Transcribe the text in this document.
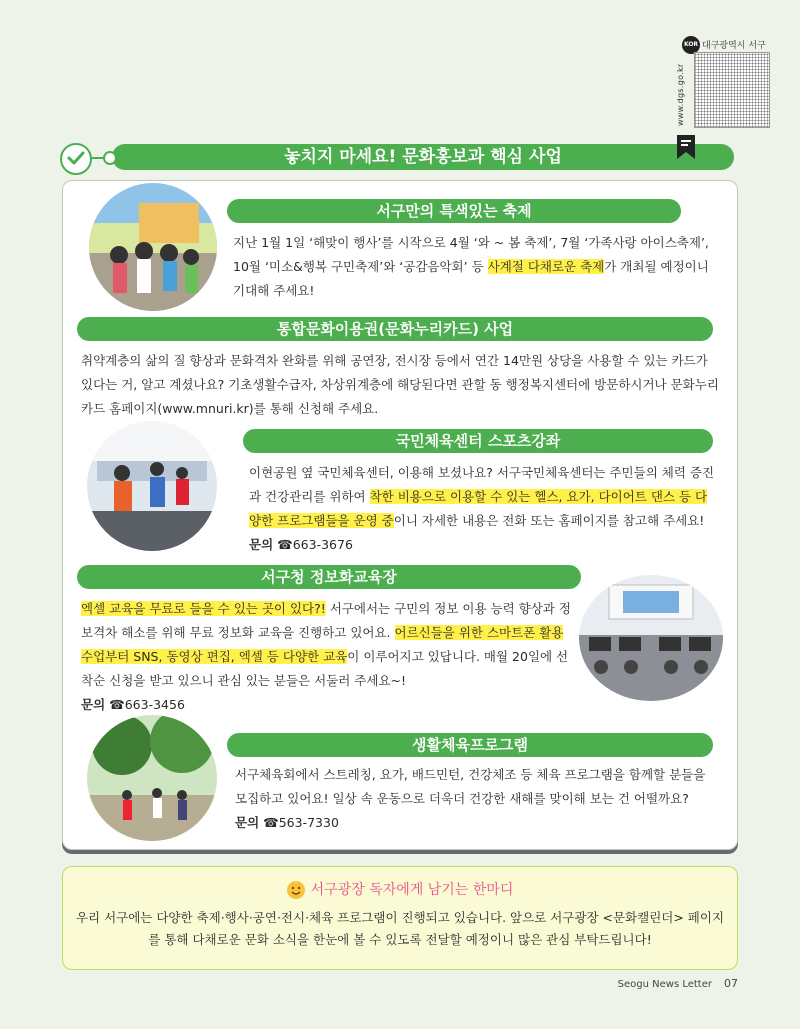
www.dgs.go.kr
KOR 대구광역시 서구
놓치지 마세요! 문화홍보과 핵심 사업
서구만의 특색있는 축제
지난 1월 1일 ‘해맞이 행사’를 시작으로 4월 ‘와 ~ 봄 축제’, 7월 ‘가족사랑 아이스축제’, 10월 ‘미소&행복 구민축제’와 ‘공감음악회’ 등 사계절 다채로운 축제가 개최될 예정이니 기대해 주세요!
통합문화이용권(문화누리카드) 사업
취약계층의 삶의 질 향상과 문화격차 완화를 위해 공연장, 전시장 등에서 연간 14만원 상당을 사용할 수 있는 카드가 있다는 거, 알고 계셨나요? 기초생활수급자, 차상위계층에 해당된다면 관할 동 행정복지센터에 방문하시거나 문화누리카드 홈페이지(www.mnuri.kr)를 통해 신청해 주세요.
국민체육센터 스포츠강좌
이현공원 옆 국민체육센터, 이용해 보셨나요? 서구국민체육센터는 주민들의 체력 증진과 건강관리를 위하여 착한 비용으로 이용할 수 있는 헬스, 요가, 다이어트 댄스 등 다양한 프로그램들을 운영 중이니 자세한 내용은 전화 또는 홈페이지를 참고해 주세요! 문의 ☎663-3676
서구청 정보화교육장
엑셀 교육을 무료로 들을 수 있는 곳이 있다?! 서구에서는 구민의 정보 이용 능력 향상과 정보격차 해소를 위해 무료 정보화 교육을 진행하고 있어요. 어르신들을 위한 스마트폰 활용 수업부터 SNS, 동영상 편집, 엑셀 등 다양한 교육이 이루어지고 있답니다. 매월 20일에 선착순 신청을 받고 있으니 관심 있는 분들은 서둘러 주세요~!
문의 ☎663-3456
생활체육프로그램
서구체육회에서 스트레칭, 요가, 배드민턴, 건강체조 등 체육 프로그램을 함께할 분들을 모집하고 있어요! 일상 속 운동으로 더욱더 건강한 새해를 맞이해 보는 건 어떨까요?
문의 ☎563-7330
서구광장 독자에게 남기는 한마디
우리 서구에는 다양한 축제·행사·공연·전시·체육 프로그램이 진행되고 있습니다. 앞으로 서구광장 <문화캘린더> 페이지를 통해 다채로운 문화 소식을 한눈에 볼 수 있도록 전달할 예정이니 많은 관심 부탁드립니다!
Seogu News Letter 07
